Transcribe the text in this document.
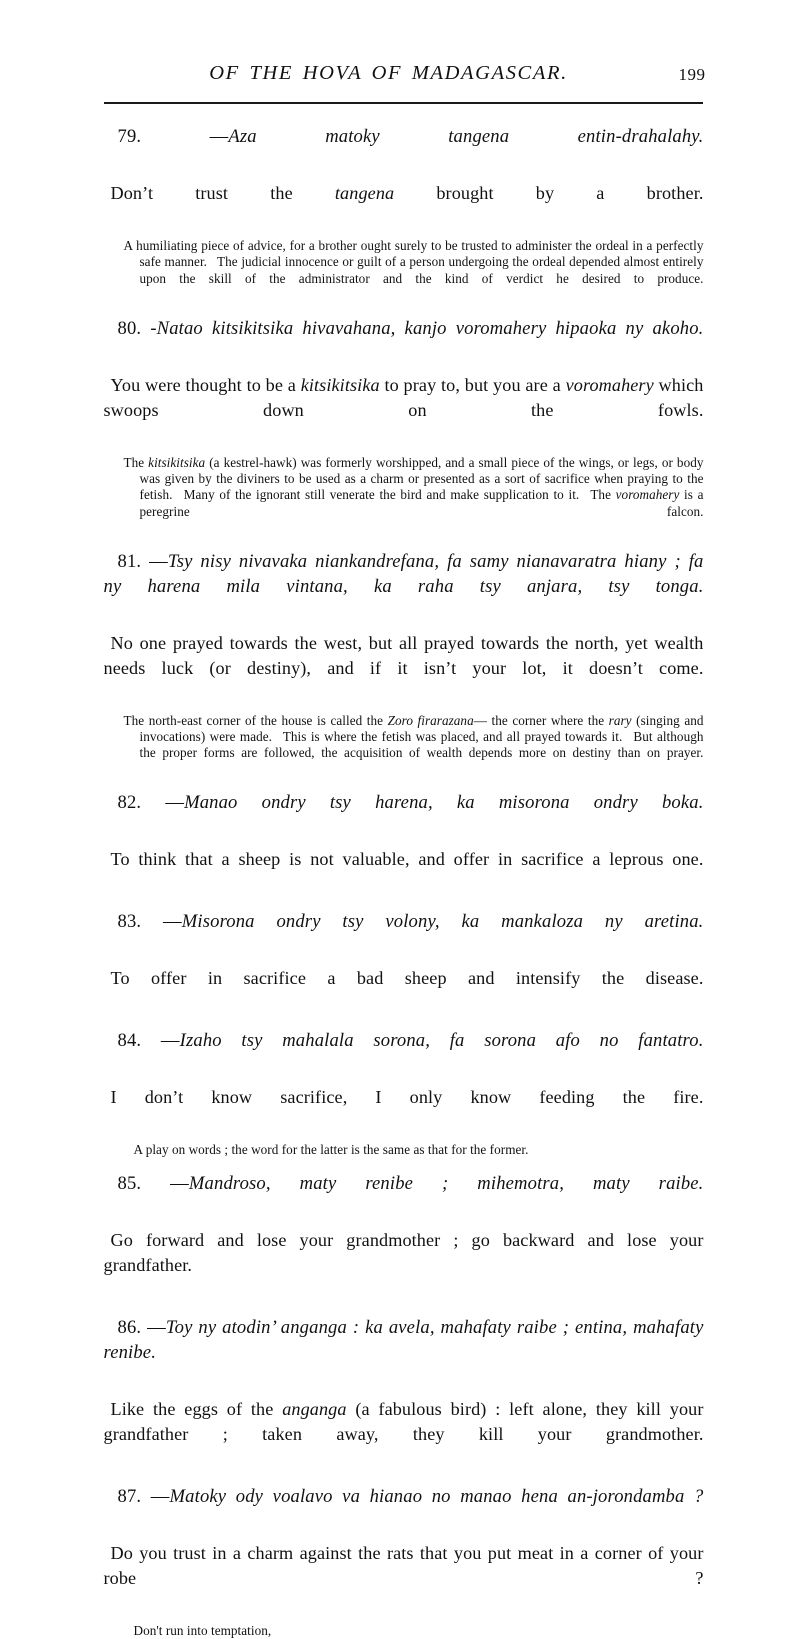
OF THE HOVA OF MADAGASCAR.	199

79.	—Aza matoky tangena entin-drahalahy.

Don’t trust the tangena brought by a brother.

A humiliating piece of advice, for a brother ought surely to be trusted to administer the ordeal in a perfectly safe manner.  The judicial innocence or guilt of a person undergoing the ordeal depended almost entirely upon the skill of the administrator and the kind of verdict he desired to produce.

80. -Natao kitsikitsika hivavahana, kanjo voromahery hipaoka ny akoho.

You were thought to be a kitsikitsika to pray to, but you are a voromahery which swoops down on the fowls.

The kitsikitsika (a kestrel-hawk) was formerly worshipped, and a small piece of the wings, or legs, or body was given by the diviners to be used as a charm or presented as a sort of sacrifice when praying to the fetish.  Many of the ignorant still venerate the bird and make supplication to it.  The voromahery is a peregrine falcon.

81. —Tsy nisy nivavaka niankandrefana, fa samy nianavaratra hiany ; fa ny harena mila vintana, ka raha tsy anjara, tsy tonga.

No one prayed towards the west, but all prayed towards the north, yet wealth needs luck (or destiny), and if it isn’t your lot, it doesn’t come.

The north-east corner of the house is called the Zoro firarazana— the corner where the rary (singing and invocations) were made.  This is where the fetish was placed, and all prayed towards it.  But although the proper forms are followed, the acquisition of wealth depends more on destiny than on prayer.

82. —Manao ondry tsy harena, ka misorona ondry boka.

To think that a sheep is not valuable, and offer in sacrifice a leprous one.

83. —Misorona ondry tsy volony, ka mankaloza ny aretina.

To offer in sacrifice a bad sheep and intensify the disease.

84. —Izaho tsy mahalala sorona, fa sorona afo no fantatro.

I don’t know sacrifice, I only know feeding the fire.

A play on words ; the word for the latter is the same as that for the former.

85. —Mandroso, maty renibe ; mihemotra, maty raibe.

Go forward and lose your grandmother ; go backward and lose your grandfather.

86. —Toy ny atodin’ anganga : ka avela, mahafaty raibe ; entina, mahafaty renibe.

Like the eggs of the anganga (a fabulous bird) : left alone, they kill your grandfather ; taken away, they kill your grandmother.

87. —Matoky ody voalavo va hianao no manao hena an-jorondamba ?

Do you trust in a charm against the rats that you put meat in a corner of your robe ?

Don't run into temptation,
